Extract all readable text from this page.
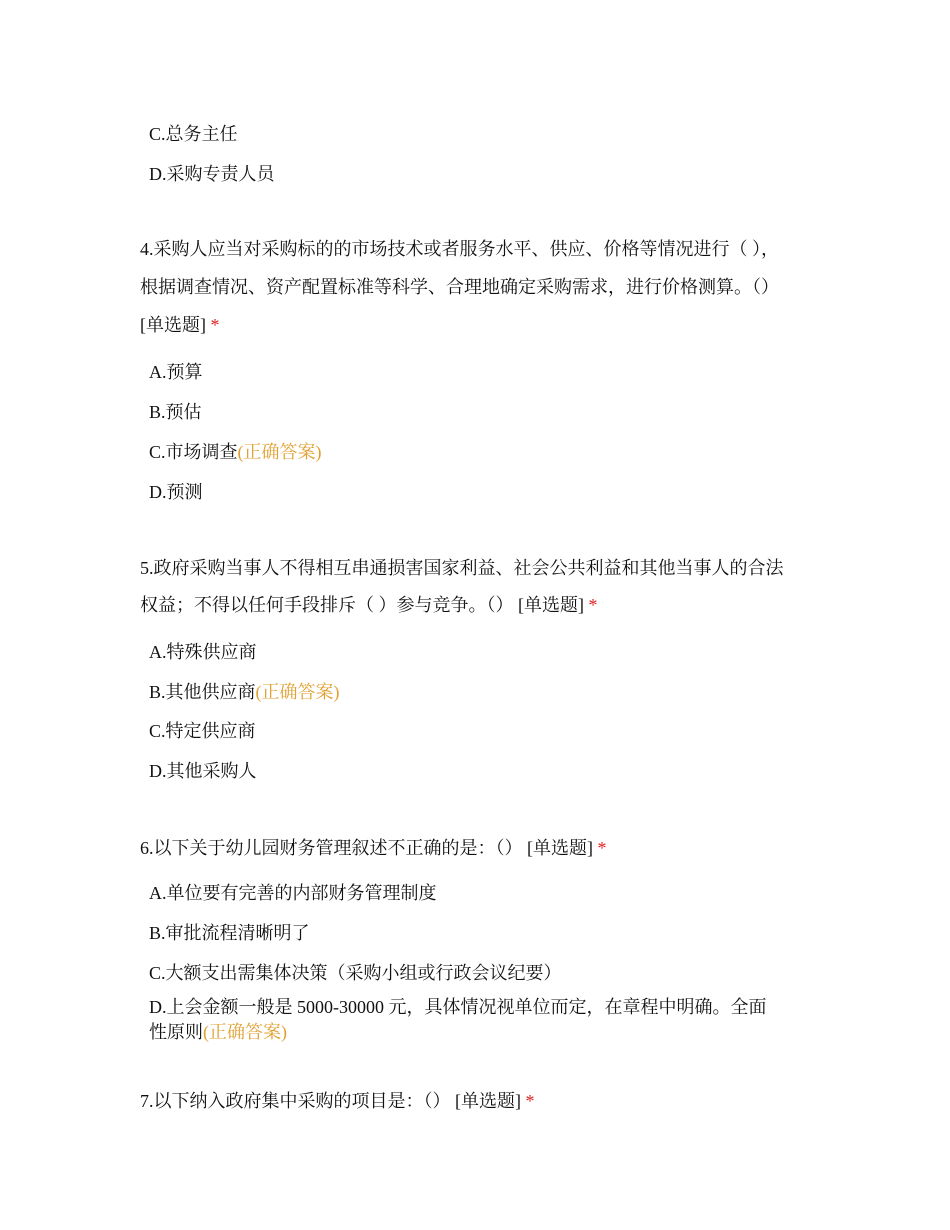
C.总务主任
D.采购专责人员
4.采购人应当对采购标的的市场技术或者服务水平、供应、价格等情况进行（ ），
根据调查情况、资产配置标准等科学、合理地确定采购需求，进行价格测算。（）
[单选题] *
A.预算
B.预估
C.市场调查(正确答案)
D.预测
5.政府采购当事人不得相互串通损害国家利益、社会公共利益和其他当事人的合法
权益；不得以任何手段排斥（ ）参与竞争。（） [单选题] *
A.特殊供应商
B.其他供应商(正确答案)
C.特定供应商
D.其他采购人
6.以下关于幼儿园财务管理叙述不正确的是：（） [单选题] *
A.单位要有完善的内部财务管理制度
B.审批流程清晰明了
C.大额支出需集体决策（采购小组或行政会议纪要）
D.上会金额一般是 5000-30000 元，具体情况视单位而定，在章程中明确。全面
性原则(正确答案)
7.以下纳入政府集中采购的项目是：（） [单选题] *
